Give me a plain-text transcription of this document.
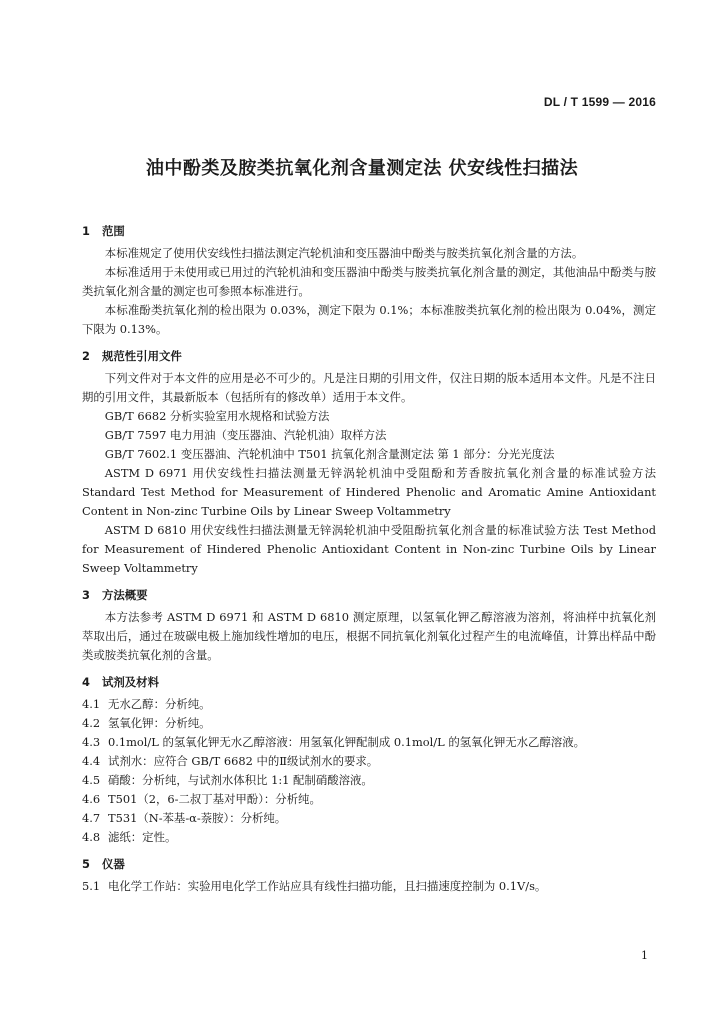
DL / T 1599 — 2016
油中酚类及胺类抗氧化剂含量测定法 伏安线性扫描法
1 范围

本标准规定了使用伏安线性扫描法测定汽轮机油和变压器油中酚类与胺类抗氧化剂含量的方法。

本标准适用于未使用或已用过的汽轮机油和变压器油中酚类与胺类抗氧化剂含量的测定，其他油品中酚类与胺类抗氧化剂含量的测定也可参照本标准进行。

本标准酚类抗氧化剂的检出限为 0.03%，测定下限为 0.1%；本标准胺类抗氧化剂的检出限为 0.04%，测定下限为 0.13%。

2 规范性引用文件

下列文件对于本文件的应用是必不可少的。凡是注日期的引用文件，仅注日期的版本适用本文件。凡是不注日期的引用文件，其最新版本（包括所有的修改单）适用于本文件。

GB/T 6682 分析实验室用水规格和试验方法

GB/T 7597 电力用油（变压器油、汽轮机油）取样方法

GB/T 7602.1 变压器油、汽轮机油中 T501 抗氧化剂含量测定法 第 1 部分：分光光度法

ASTM D 6971 用伏安线性扫描法测量无锌涡轮机油中受阻酚和芳香胺抗氧化剂含量的标准试验方法 Standard Test Method for Measurement of Hindered Phenolic and Aromatic Amine Antioxidant Content in Non-zinc Turbine Oils by Linear Sweep Voltammetry

ASTM D 6810 用伏安线性扫描法测量无锌涡轮机油中受阻酚抗氧化剂含量的标准试验方法 Test Method for Measurement of Hindered Phenolic Antioxidant Content in Non-zinc Turbine Oils by Linear Sweep Voltammetry

3 方法概要

本方法参考 ASTM D 6971 和 ASTM D 6810 测定原理，以氢氧化钾乙醇溶液为溶剂，将油样中抗氧化剂萃取出后，通过在玻碳电极上施加线性增加的电压，根据不同抗氧化剂氧化过程产生的电流峰值，计算出样品中酚类或胺类抗氧化剂的含量。

4 试剂及材料
4.1 无水乙醇：分析纯。
4.2 氢氧化钾：分析纯。
4.3 0.1mol/L 的氢氧化钾无水乙醇溶液：用氢氧化钾配制成 0.1mol/L 的氢氧化钾无水乙醇溶液。
4.4 试剂水：应符合 GB/T 6682 中的Ⅱ级试剂水的要求。
4.5 硝酸：分析纯，与试剂水体积比 1:1 配制硝酸溶液。
4.6 T501（2，6-二叔丁基对甲酚）：分析纯。
4.7 T531（N-苯基-α-萘胺）：分析纯。
4.8 滤纸：定性。
5 仪器
5.1 电化学工作站：实验用电化学工作站应具有线性扫描功能，且扫描速度控制为 0.1V/s。
1
